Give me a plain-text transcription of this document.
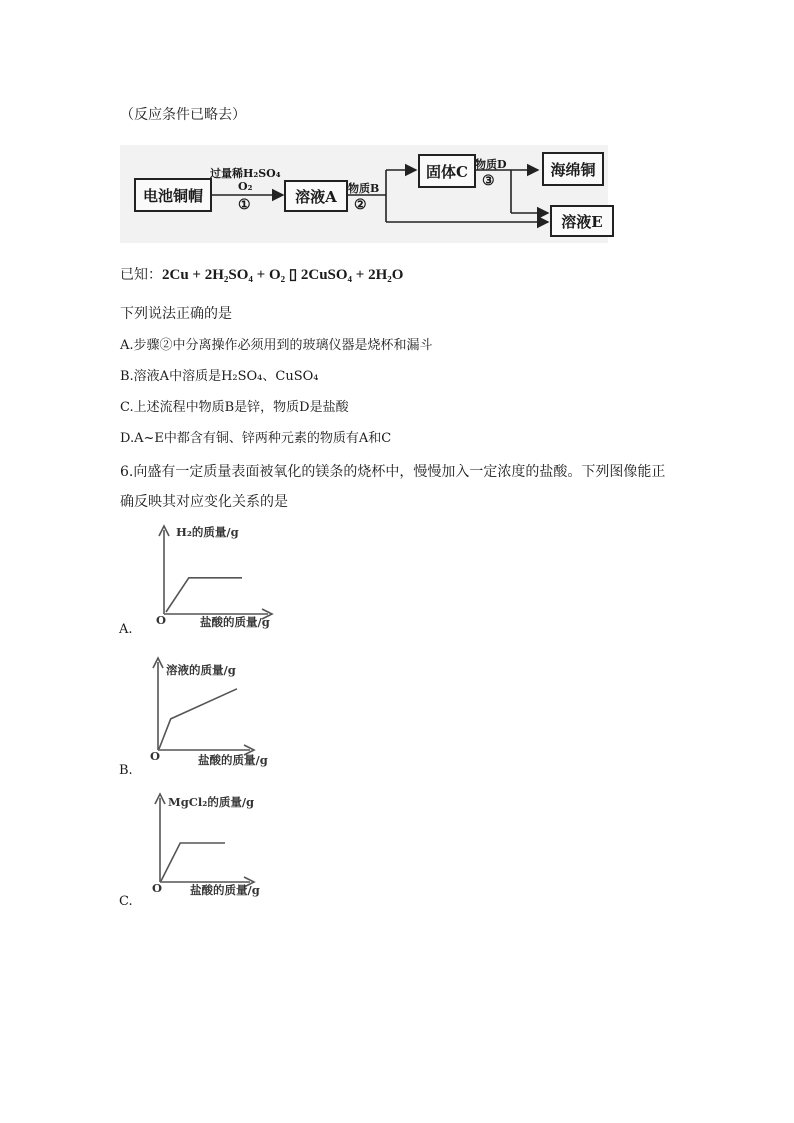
（反应条件已略去）
电池铜帽	溶液A
固体C	海绵铜
溶液E
过量稀H₂SO₄
O₂
①
物质B
②
物质D
③
已知：2Cu + 2H₂SO₄ + O₂ ▯ 2CuSO₄ + 2H₂O
下列说法正确的是
A.步骤②中分离操作必须用到的玻璃仪器是烧杯和漏斗
B.溶液A中溶质是H₂SO₄、CuSO₄
C.上述流程中物质B是锌，物质D是盐酸
D.A~E中都含有铜、锌两种元素的物质有A和C
6.向盛有一定质量表面被氧化的镁条的烧杯中，慢慢加入一定浓度的盐酸。下列图像能正
确反映其对应变化关系的是
H₂的质量/g
盐酸的质量/g
O
A.
溶液的质量/g
盐酸的质量/g
O
B.
MgCl₂的质量/g
盐酸的质量/g
O
C.
